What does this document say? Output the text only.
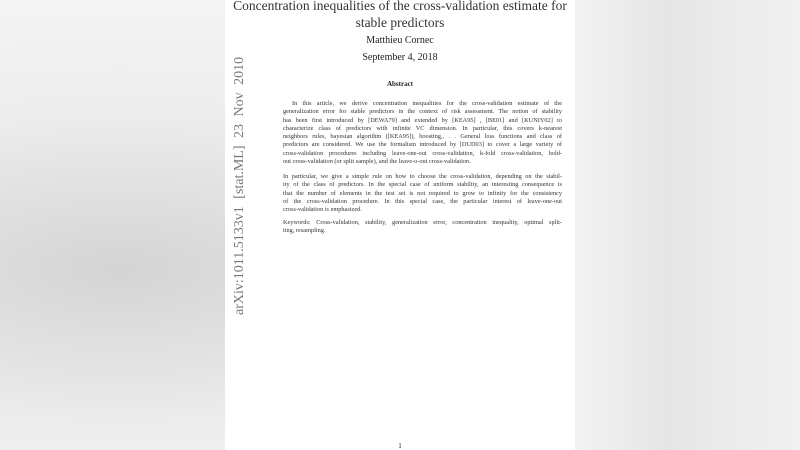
Concentration inequalities of the cross-validation estimate for
stable predictors
Matthieu Cornec
September 4, 2018
Abstract
In this article, we derive concentration inequalities for the cross-validation estimate of the
generalization error for stable predictors in the context of risk assessment. The notion of stability
has been first introduced by [DEWA79] and extended by [KEA95] , [BE01] and [KUNIY02] to
characterize class of predictors with infinite VC dimension. In particular, this covers k-nearest
neighbors rules, bayesian algorithm ([KEA95]), boosting,. . . General loss functions and class of
predictors are considered. We use the formalism introduced by [DUD03] to cover a large variety of
cross-validation procedures including leave-one-out cross-validation, k-fold cross-validation, hold-
out cross-validation (or split sample), and the leave-υ-out cross-validation.
In particular, we give a simple rule on how to choose the cross-validation, depending on the stabil-
ity of the class of predictors. In the special case of uniform stability, an interesting consequence is
that the number of elements in the test set is not required to grow to infinity for the consistency
of the cross-validation procedure. In this special case, the particular interest of leave-one-out
cross-validation is emphasized.
Keywords: Cross-validation, stability, generalization error, concentration inequality, optimal split-
ting, resampling.
1
arXiv:1011.5133v1 [stat.ML] 23 Nov 2010
